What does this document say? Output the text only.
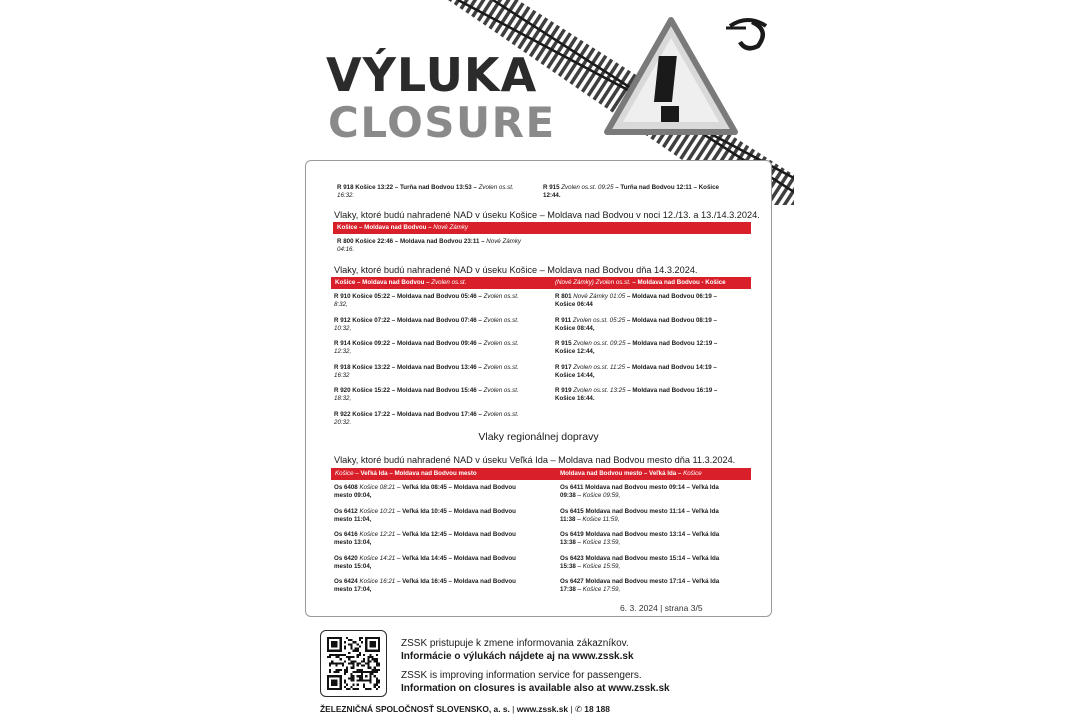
VÝLUKA
CLOSURE
R 918 Košice 13:22 – Turňa nad Bodvou 13:53 – Zvolen os.st.
16:32.
R 915 Zvolen os.st. 09:25 – Turňa nad Bodvou 12:11 – Košice
12:44.
Vlaky, ktoré budú nahradené NAD v úseku Košice – Moldava nad Bodvou v noci 12./13. a 13./14.3.2024.
Košice – Moldava nad Bodvou – Nové Zámky
R 800 Košice 22:46 – Moldava nad Bodvou 23:11 – Nové Zámky 04:16.
Vlaky, ktoré budú nahradené NAD v úseku Košice – Moldava nad Bodvou dňa 14.3.2024.
Košice – Moldava nad Bodvou – Zvolen os.st.	(Nové Zámky) Zvolen os.st. – Moldava nad Bodvou - Košice
R 910 Košice 05:22 – Moldava nad Bodvou 05:46 – Zvolen os.st.
8:32,
R 912 Košice 07:22 – Moldava nad Bodvou 07:46 – Zvolen os.st.
10:32,
R 914 Košice 09:22 – Moldava nad Bodvou 09:46 – Zvolen os.st.
12:32,
R 918 Košice 13:22 – Moldava nad Bodvou 13:46 – Zvolen os.st.
16:32
R 920 Košice 15:22 – Moldava nad Bodvou 15:46 – Zvolen os.st.
18:32,
R 922 Košice 17:22 – Moldava nad Bodvou 17:46 – Zvolen os.st.
20:32.
R 801 Nové Zámky 01:05 – Moldava nad Bodvou 06:19 –
Košice 06:44
R 911 Zvolen os.st. 05:25 – Moldava nad Bodvou 08:19 –
Košice 08:44,
R 915 Zvolen os.st. 09:25 – Moldava nad Bodvou 12:19 –
Košice 12:44,
R 917 Zvolen os.st. 11:25 – Moldava nad Bodvou 14:19 –
Košice 14:44,
R 919 Zvolen os.st. 13:25 – Moldava nad Bodvou 16:19 –
Košice 16:44.
Vlaky regionálnej dopravy
Vlaky, ktoré budú nahradené NAD v úseku Veľká Ida – Moldava nad Bodvou mesto dňa 11.3.2024.
Košice – Veľká Ida – Moldava nad Bodvou mesto	Moldava nad Bodvou mesto – Veľká Ida – Košice
Os 6408 Košice 08:21 – Veľká Ida 08:45 – Moldava nad Bodvou
mesto 09:04,
Os 6412 Košice 10:21 – Veľká Ida 10:45 – Moldava nad Bodvou
mesto 11:04,
Os 6416 Košice 12:21 – Veľká Ida 12:45 – Moldava nad Bodvou
mesto 13:04,
Os 6420 Košice 14:21 – Veľká Ida 14:45 – Moldava nad Bodvou
mesto 15:04,
Os 6424 Košice 16:21 – Veľká Ida 16:45 – Moldava nad Bodvou
mesto 17:04,
Os 6411 Moldava nad Bodvou mesto 09:14 – Veľká Ida
09:38 – Košice 09:59,
Os 6415 Moldava nad Bodvou mesto 11:14 – Veľká Ida
11:38 – Košice 11:59,
Os 6419 Moldava nad Bodvou mesto 13:14 – Veľká Ida
13:38 – Košice 13:59,
Os 6423 Moldava nad Bodvou mesto 15:14 – Veľká Ida
15:38 – Košice 15:59,
Os 6427 Moldava nad Bodvou mesto 17:14 – Veľká Ida
17:38 – Košice 17:59,
6. 3. 2024 | strana 3/5
ZSSK pristupuje k zmene informovania zákazníkov.
Informácie o výlukách nájdete aj na www.zssk.sk
ZSSK is improving information service for passengers.
Information on closures is available also at www.zssk.sk
ŽELEZNIČNÁ SPOLOČNOSŤ SLOVENSKO, a. s. | www.zssk.sk | ✆ 18 188
